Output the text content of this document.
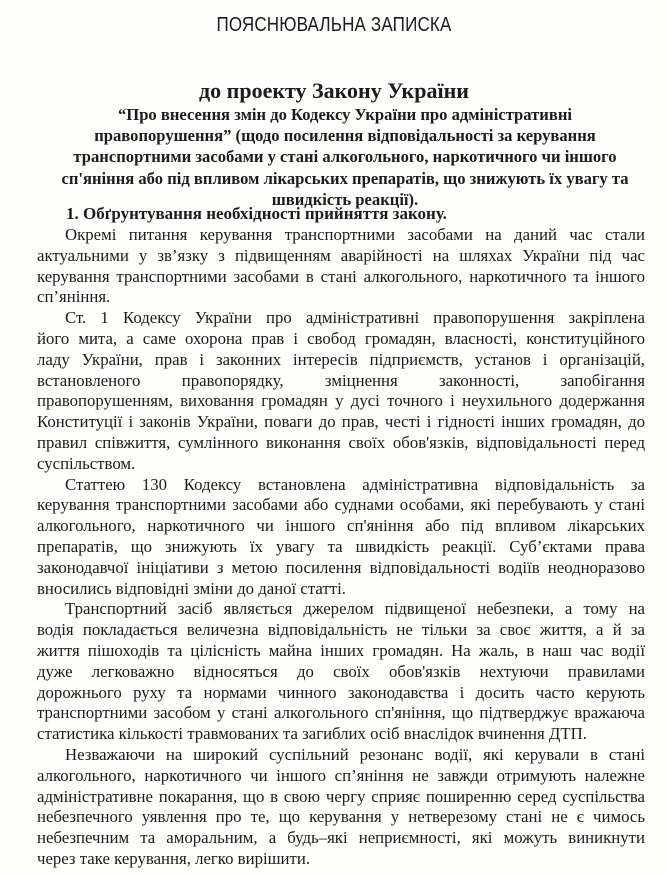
ПОЯСНЮВАЛЬНА ЗАПИСКА
до проекту Закону України
“Про внесення змін до Кодексу України про адміністративні
правопорушення” (щодо посилення відповідальності за керування
транспортними засобами у стані алкогольного, наркотичного чи іншого
сп'яніння або під впливом лікарських препаратів, що знижують їх увагу та
швидкість реакції).
1. Обґрунтування необхідності прийняття закону.
Окремі питання керування транспортними засобами на даний час стали
актуальними у зв’язку з підвищенням аварійності на шляхах України під час
керування транспортними засобами в стані алкогольного, наркотичного та іншого
сп’яніння.
Ст. 1 Кодексу України про адміністративні правопорушення закріплена
його мита, а саме охорона прав і свобод громадян, власності, конституційного
ладу України, прав і законних інтересів підприємств, установ і організацій,
встановленого правопорядку, зміцнення законності, запобігання
правопорушенням, виховання громадян у дусі точного і неухильного додержання
Конституції і законів України, поваги до прав, честі і гідності інших громадян, до
правил співжиття, сумлінного виконання своїх обов'язків, відповідальності перед
суспільством.
Статтею 130 Кодексу встановлена адміністративна відповідальність за
керування транспортними засобами або суднами особами, які перебувають у стані
алкогольного, наркотичного чи іншого сп'яніння або під впливом лікарських
препаратів, що знижують їх увагу та швидкість реакції. Суб’єктами права
законодавчої ініціативи з метою посилення відповідальності водіїв неодноразово
вносились відповідні зміни до даної статті.
Транспортний засіб являється джерелом підвищеної небезпеки, а тому на
водія покладається величезна відповідальність не тільки за своє життя, а й за
життя пішоходів та цілісність майна інших громадян. На жаль, в наш час водії
дуже легковажно відносяться до своїх обов'язків нехтуючи правилами
дорожнього руху та нормами чинного законодавства і досить часто керують
транспортними засобом у стані алкогольного сп'яніння, що підтверджує вражаюча
статистика кількості травмованих та загиблих осіб внаслідок вчинення ДТП.
Незважаючи на широкий суспільний резонанс водії, які керували в стані
алкогольного, наркотичного чи іншого сп’яніння не завжди отримують належне
адміністративне покарання, що в свою чергу сприяє поширенню серед суспільства
небезпечного уявлення про те, що керування у нетверезому стані не є чимось
небезпечним та аморальним, а будь–які неприємності, які можуть виникнути
через таке керування, легко вирішити.
